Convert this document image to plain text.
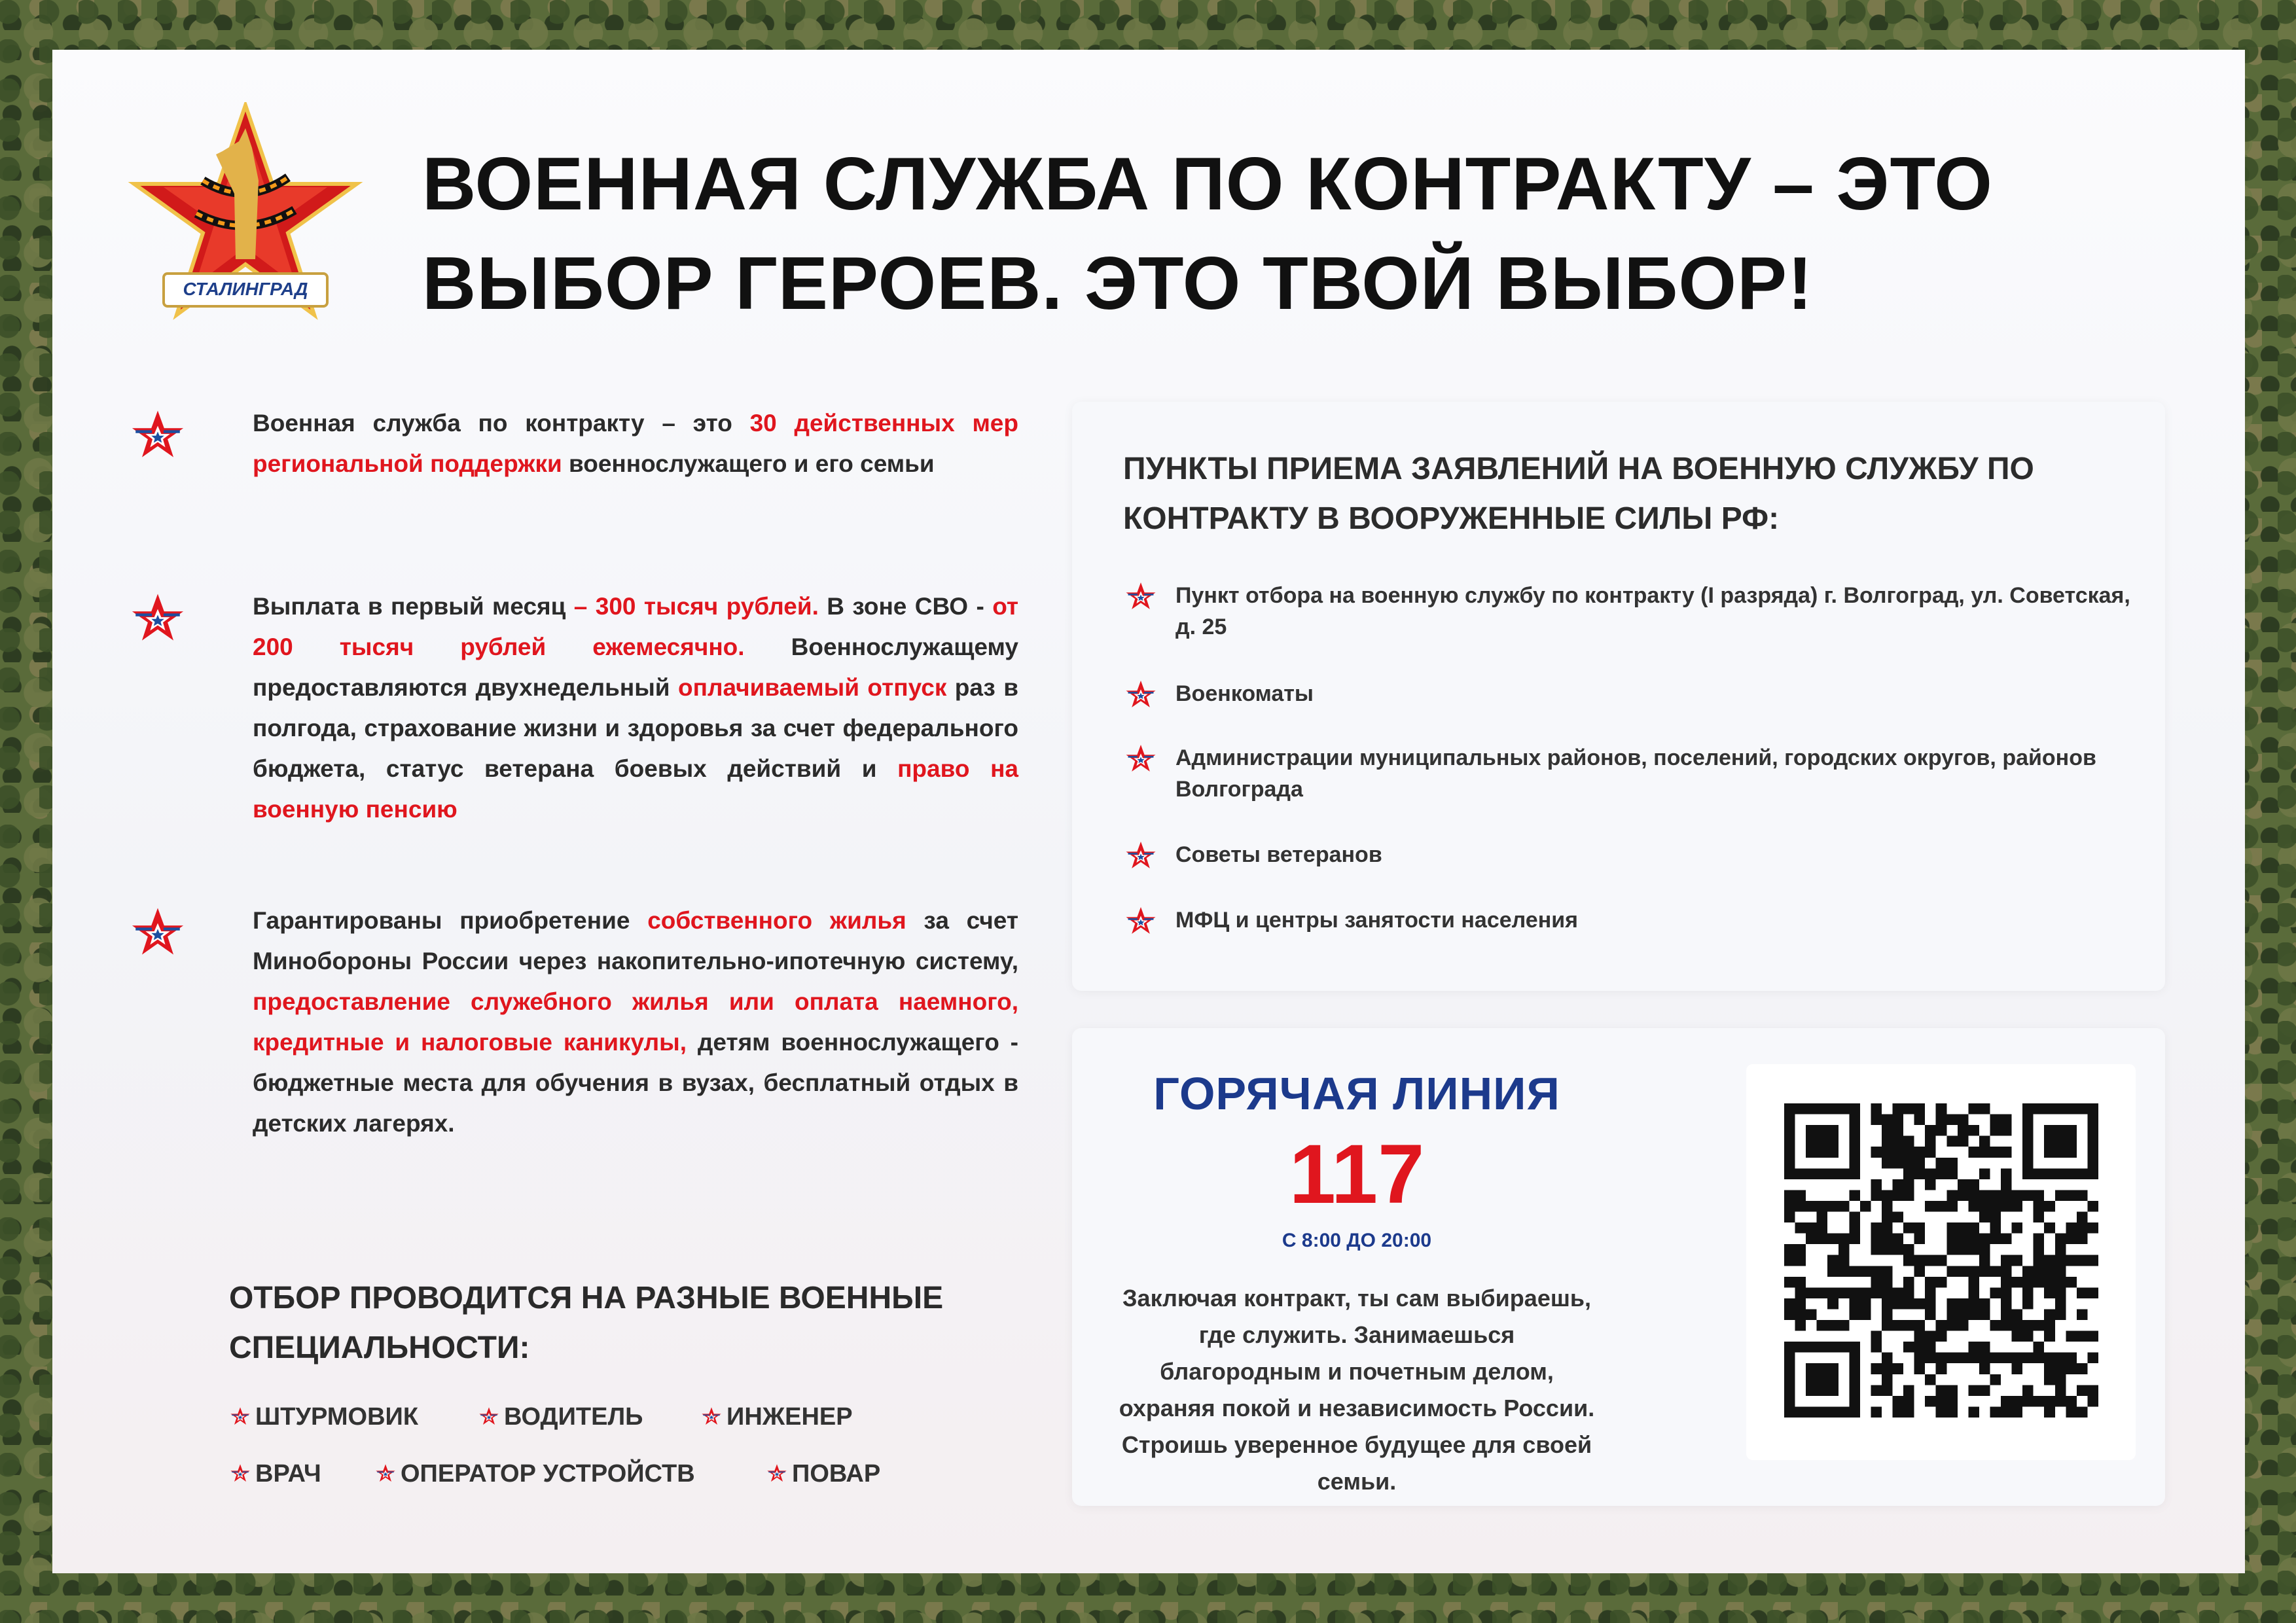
СТАЛИНГРАД
ВОЕННАЯ СЛУЖБА ПО КОНТРАКТУ – ЭТО
ВЫБОР ГЕРОЕВ. ЭТО ТВОЙ ВЫБОР!
Военная служба по контракту – это 30 действенных мер региональной поддержки военнослужащего и его семьи
Выплата в первый месяц – 300 тысяч рублей. В зоне СВО - от 200 тысяч рублей ежемесячно. Военнослужащему предоставляются двухнедельный оплачиваемый отпуск раз в полгода, страхование жизни и здоровья за счет федерального бюджета, статус ветерана боевых действий и право на военную пенсию
Гарантированы приобретение собственного жилья за счет Минобороны России через накопительно-ипотечную систему, предоставление служебного жилья или оплата наемного, кредитные и налоговые каникулы, детям военнослужащего - бюджетные места для обучения в вузах, бесплатный отдых в детских лагерях.
ОТБОР ПРОВОДИТСЯ НА РАЗНЫЕ ВОЕННЫЕ СПЕЦИАЛЬНОСТИ:
ШТУРМОВИК	ВОДИТЕЛЬ	ИНЖЕНЕР
ВРАЧ	ОПЕРАТОР УСТРОЙСТВ	ПОВАР
ПУНКТЫ ПРИЕМА ЗАЯВЛЕНИЙ НА ВОЕННУЮ СЛУЖБУ ПО КОНТРАКТУ В ВООРУЖЕННЫЕ СИЛЫ РФ:
Пункт отбора на военную службу по контракту (I разряда) г. Волгоград, ул. Советская, д. 25
Военкоматы
Администрации муниципальных районов, поселений, городских округов, районов Волгограда
Советы ветеранов
МФЦ и центры занятости населения
ГОРЯЧАЯ ЛИНИЯ
117
С 8:00 ДО 20:00
Заключая контракт, ты сам выбираешь, где служить. Занимаешься благородным и почетным делом, охраняя покой и независимость России. Строишь уверенное будущее для своей семьи.
